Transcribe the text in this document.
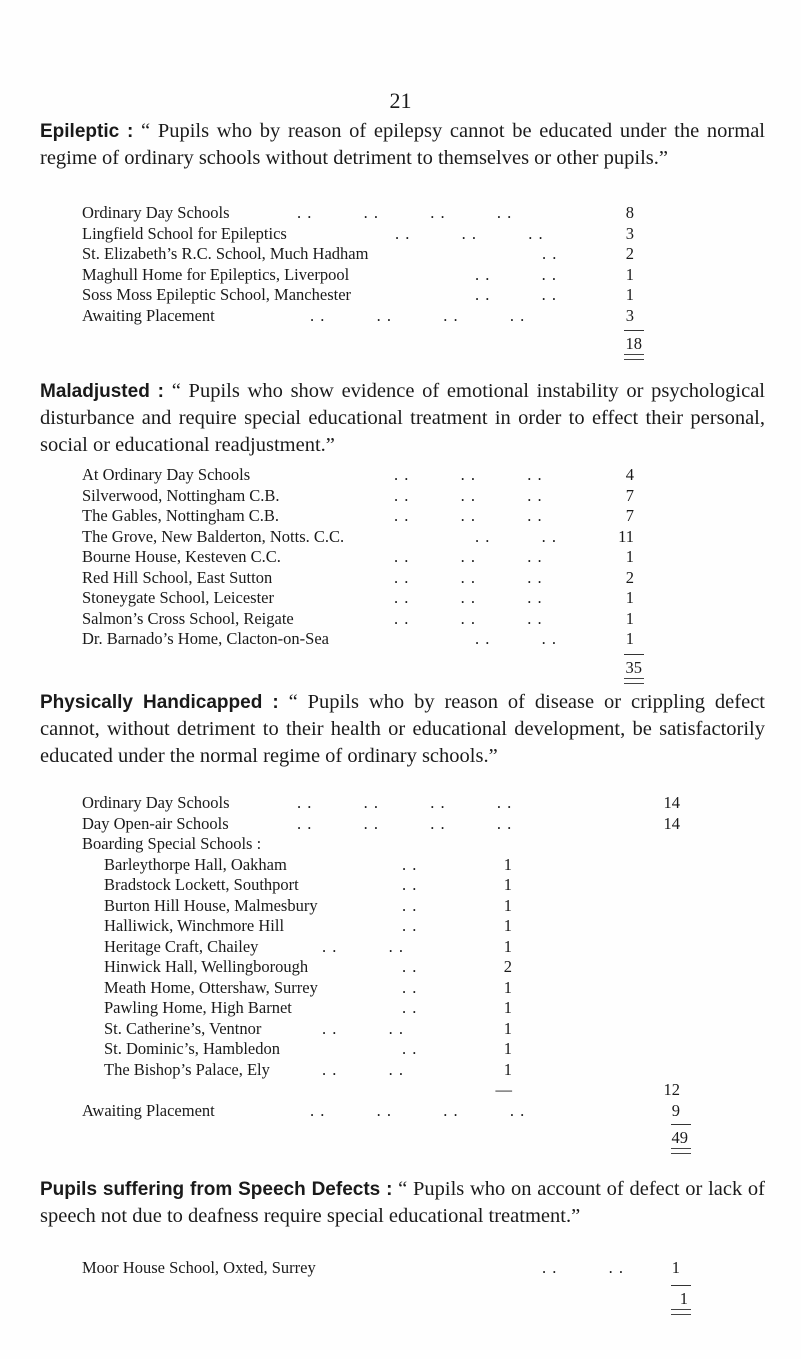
21

Epileptic : “ Pupils who by reason of epilepsy cannot be educated under the normal regime of ordinary schools without detriment to themselves or other pupils.”

Ordinary Day Schools	. .          . .          . .          . .	8
Lingfield School for Epileptics	. .          . .          . .	3
St. Elizabeth’s R.C. School, Much Hadham	. .	2
Maghull Home for Epileptics, Liverpool	. .          . .	1
Soss Moss Epileptic School, Manchester	. .          . .	1
Awaiting Placement	. .          . .          . .          . .	3
18

Maladjusted : “ Pupils who show evidence of emotional instability or psychological disturbance and require special educational treatment in order to effect their personal, social or educational readjustment.”

At Ordinary Day Schools	. .          . .          . .	4
Silverwood, Nottingham C.B.	. .          . .          . .	7
The Gables, Nottingham C.B.	. .          . .          . .	7
The Grove, New Balderton, Notts. C.C.	. .          . .	11
Bourne House, Kesteven C.C.	. .          . .          . .	1
Red Hill School, East Sutton	. .          . .          . .	2
Stoneygate School, Leicester	. .          . .          . .	1
Salmon’s Cross School, Reigate	. .          . .          . .	1
Dr. Barnado’s Home, Clacton-on-Sea	. .          . .	1
35

Physically Handicapped : “ Pupils who by reason of disease or crippling defect cannot, without detriment to their health or educational development, be satisfactorily educated under the normal regime of ordinary schools.”

Ordinary Day Schools	. .          . .          . .          . .	14
Day Open-air Schools	. .          . .          . .          . .	14
Boarding Special Schools :
Barleythorpe Hall, Oakham	. .	1
Bradstock Lockett, Southport	. .	1
Burton Hill House, Malmesbury	. .	1
Halliwick, Winchmore Hill	. .	1
Heritage Craft, Chailey	. .          . .	1
Hinwick Hall, Wellingborough	. .	2
Meath Home, Ottershaw, Surrey	. .	1
Pawling Home, High Barnet	. .	1
St. Catherine’s, Ventnor	. .          . .	1
St. Dominic’s, Hambledon	. .	1
The Bishop’s Palace, Ely	. .          . .	1
—	12
Awaiting Placement	. .          . .          . .          . .	9
49

Pupils suffering from Speech Defects : “ Pupils who on account of defect or lack of speech not due to deafness require special educational treatment.”

Moor House School, Oxted, Surrey	. .          . .	1
1
